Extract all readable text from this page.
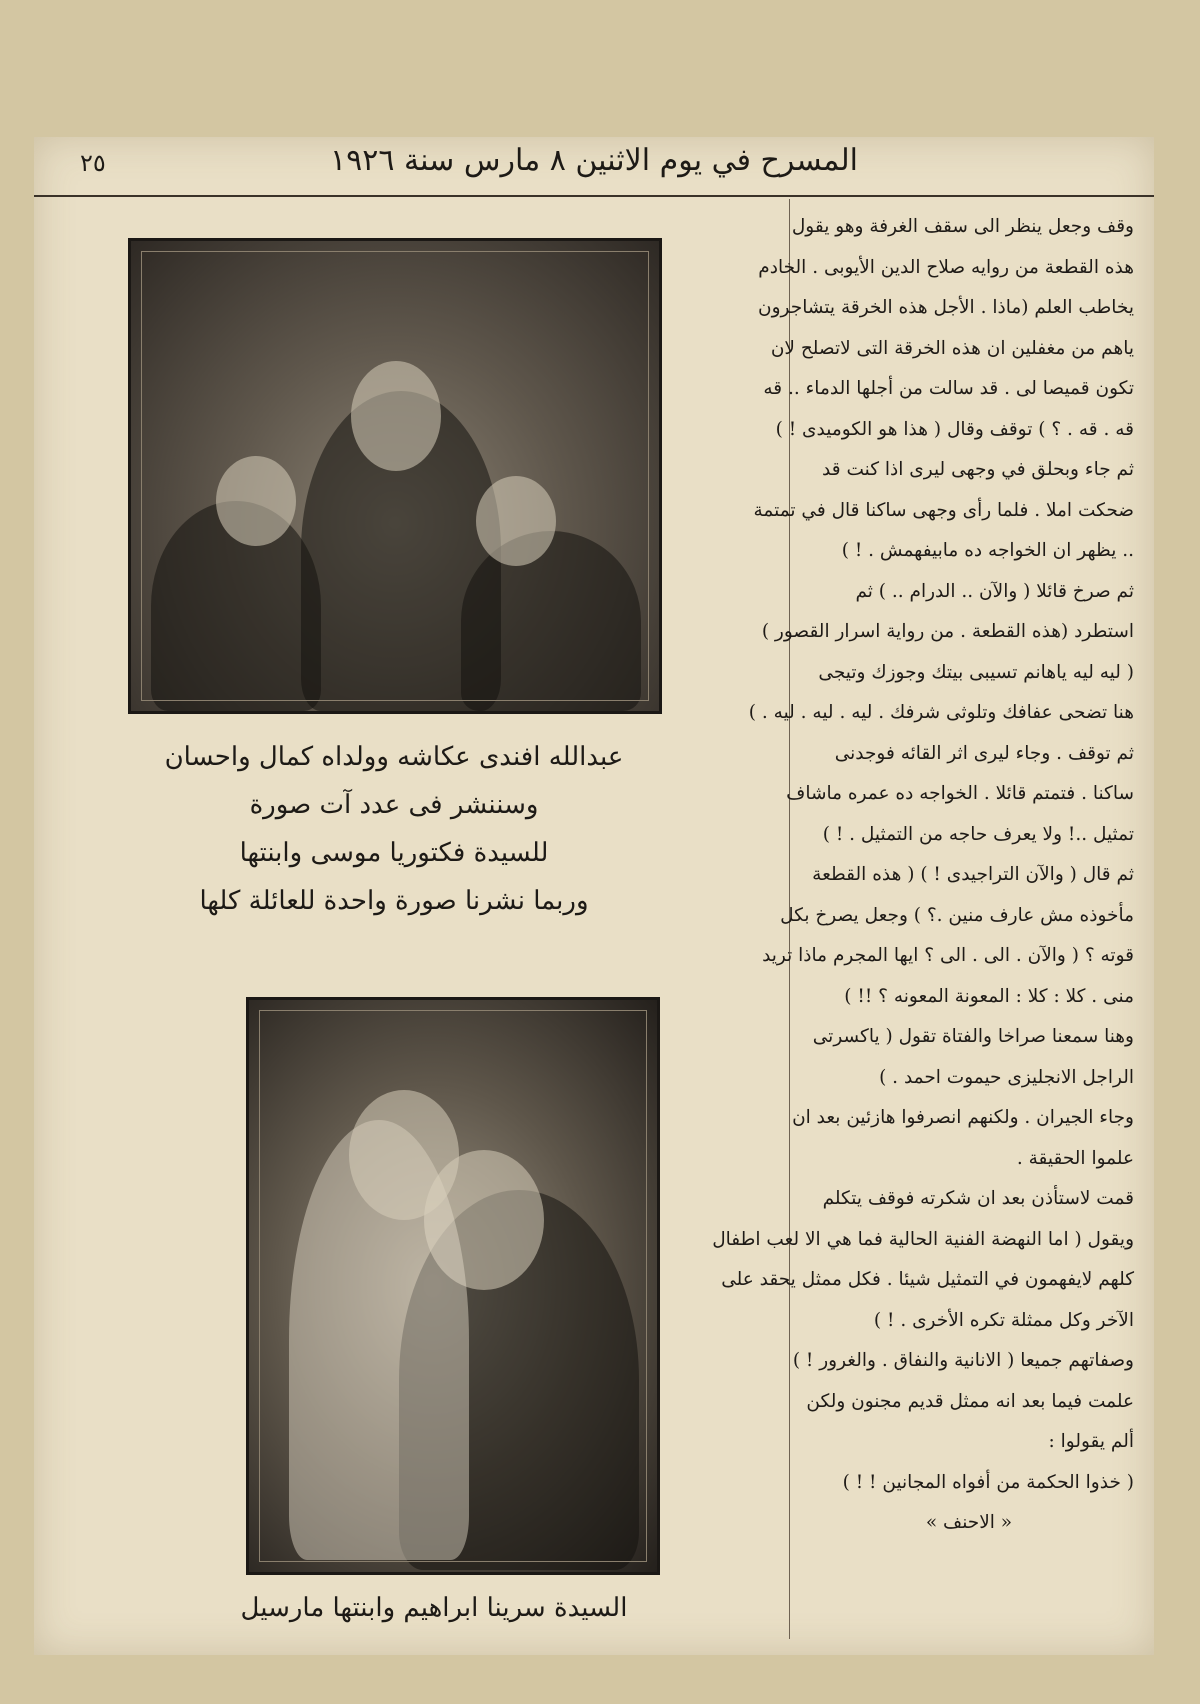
المسرح في يوم الاثنين ٨ مارس سنة ١٩٢٦
٢٥
عبدالله افندى عكاشه وولداه كمال واحسان
وسننشر فى عدد آت صورة
للسيدة فكتوريا موسى وابنتها
وربما نشرنا صورة واحدة للعائلة كلها
السيدة سرينا ابراهيم وابنتها مارسيل
وقف وجعل ينظر الى سقف الغرفة وهو يقول
هذه القطعة من روايه صلاح الدين الأيوبى . الخادم
يخاطب العلم (ماذا . الأجل هذه الخرقة يتشاجرون
ياهم من مغفلين ان هذه الخرقة التى لاتصلح لان
تكون قميصا لى . قد سالت من أجلها الدماء .. قه
قه . قه . ؟ ) توقف وقال ( هذا هو الكوميدى ! )
ثم جاء وبحلق في وجهى ليرى اذا كنت قد
ضحكت املا . فلما رأى وجهى ساكنا قال في تمتمة
.. يظهر ان الخواجه ده مابيفهمش . ! )
ثم صرخ قائلا ( والآن .. الدرام .. ) ثم
استطرد (هذه القطعة . من رواية اسرار القصور )
( ليه ليه ياهانم تسيبى بيتك وجوزك وتيجى
هنا تضحى عفافك وتلوثى شرفك . ليه . ليه . ليه . )
ثم توقف . وجاء ليرى اثر القائه فوجدنى
ساكنا . فتمتم قائلا . الخواجه ده عمره ماشاف
تمثيل ..! ولا يعرف حاجه من التمثيل . ! )
ثم قال ( والآن التراجيدى ! ) ( هذه القطعة
مأخوذه مش عارف منين .؟ ) وجعل يصرخ بكل
قوته ؟ ( والآن . الى . الى ؟ ايها المجرم ماذا تريد
منى . كلا : كلا : المعونة المعونه ؟ !! )
وهنا سمعنا صراخا والفتاة تقول ( ياكسرتى
الراجل الانجليزى حيموت احمد . )
وجاء الجيران . ولكنهم انصرفوا هازئين بعد ان
علموا الحقيقة .
قمت لاستأذن بعد ان شكرته فوقف يتكلم
ويقول ( اما النهضة الفنية الحالية فما هي الا لعب اطفال
كلهم لايفهمون في التمثيل شيئا . فكل ممثل يحقد على
الآخر وكل ممثلة تكره الأخرى . ! )
وصفاتهم جميعا ( الانانية والنفاق . والغرور ! )
علمت فيما بعد انه ممثل قديم مجنون ولكن
ألم يقولوا :
( خذوا الحكمة من أفواه المجانين ! ! )
« الاحنف »
